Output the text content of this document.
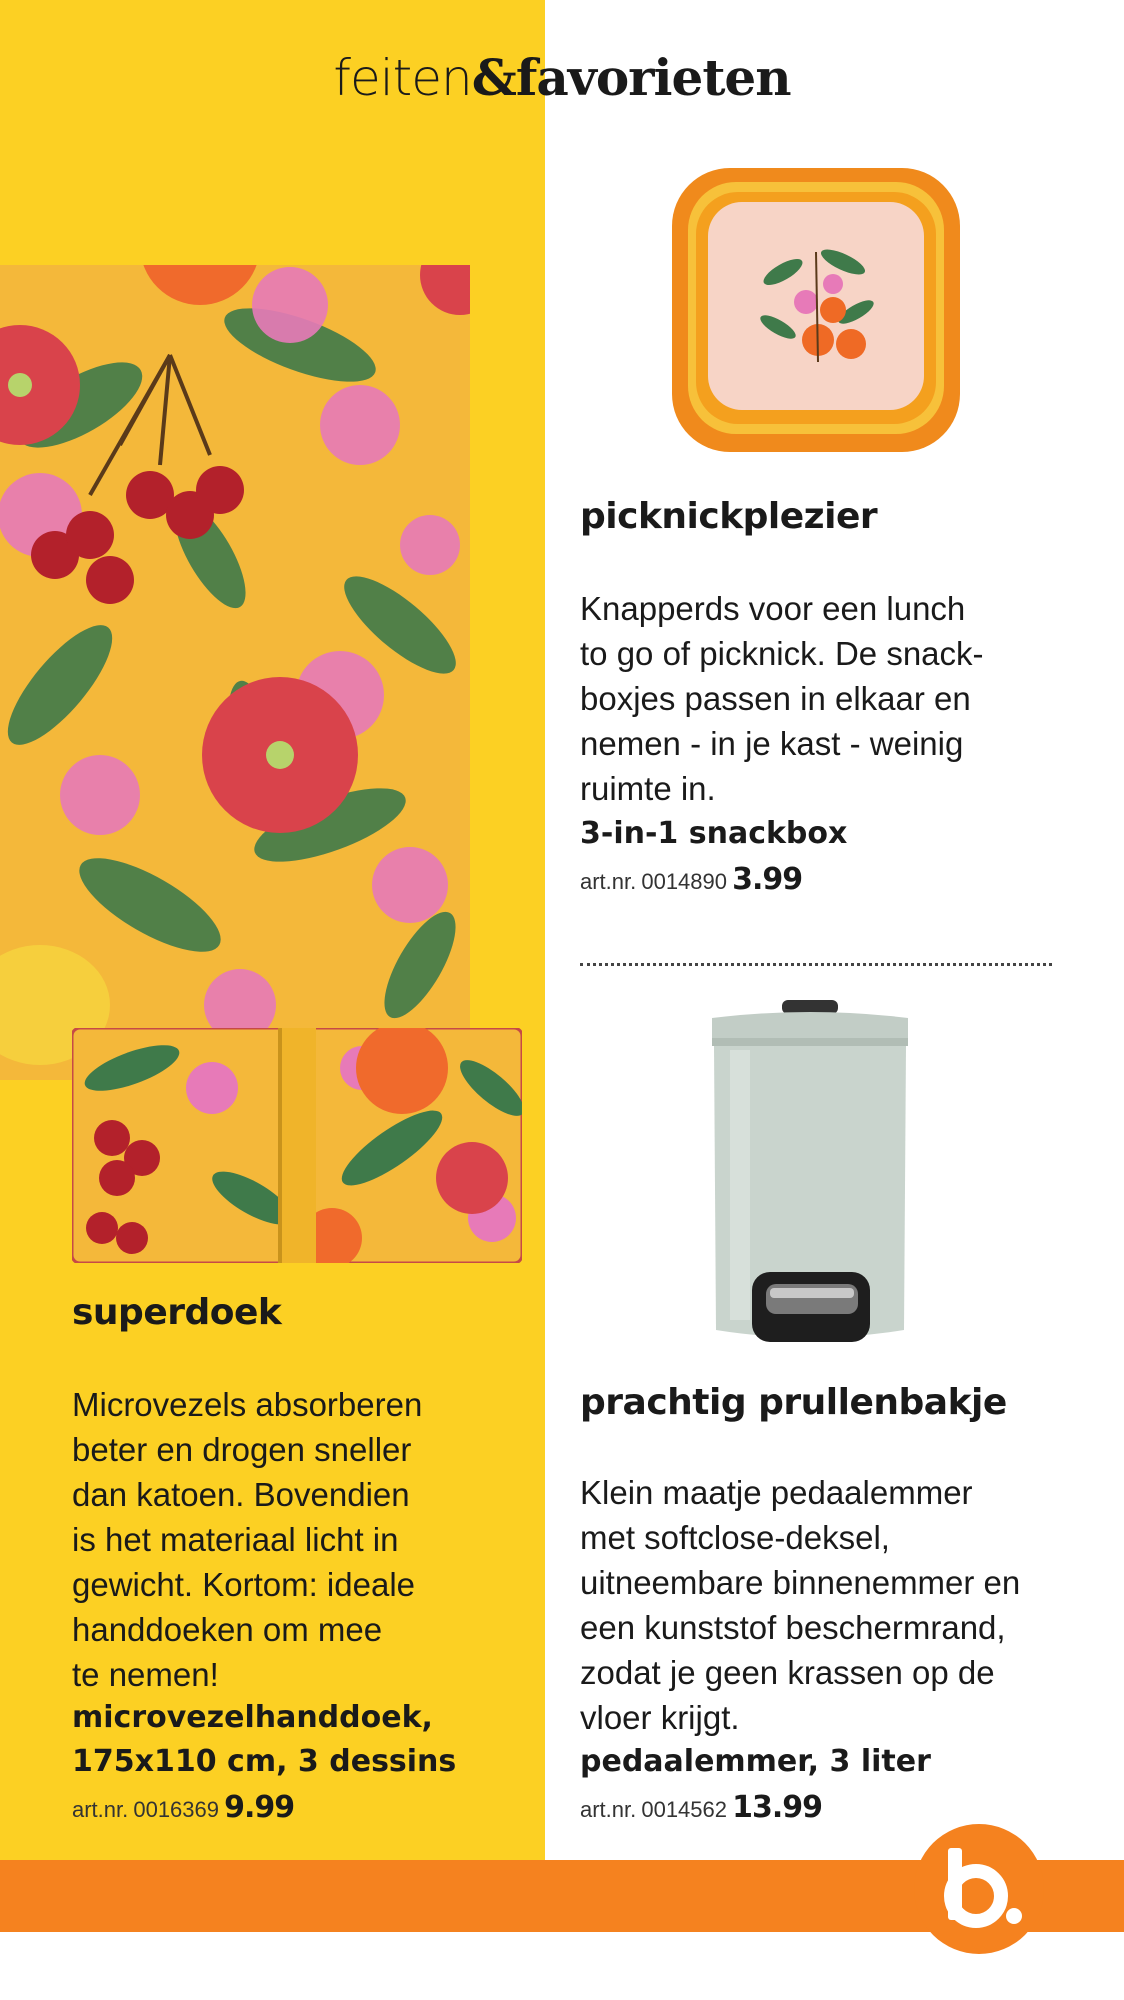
feiten&favorieten
superdoek
Microvezels absorberen
beter en drogen sneller
dan katoen. Bovendien
is het materiaal licht in
gewicht. Kortom: ideale
handdoeken om mee
te nemen!
microvezelhanddoek,
175x110 cm, 3 dessins
art.nr. 0016369 9.99
picknickplezier
Knapperds voor een lunch
to go of picknick. De snack-
boxjes passen in elkaar en
nemen - in je kast - weinig
ruimte in.
3-in-1 snackbox
art.nr. 0014890 3.99
prachtig prullenbakje
Klein maatje pedaalemmer
met softclose-deksel,
uitneembare binnenemmer en
een kunststof beschermrand,
zodat je geen krassen op de
vloer krijgt.
pedaalemmer, 3 liter
art.nr. 0014562 13.99
